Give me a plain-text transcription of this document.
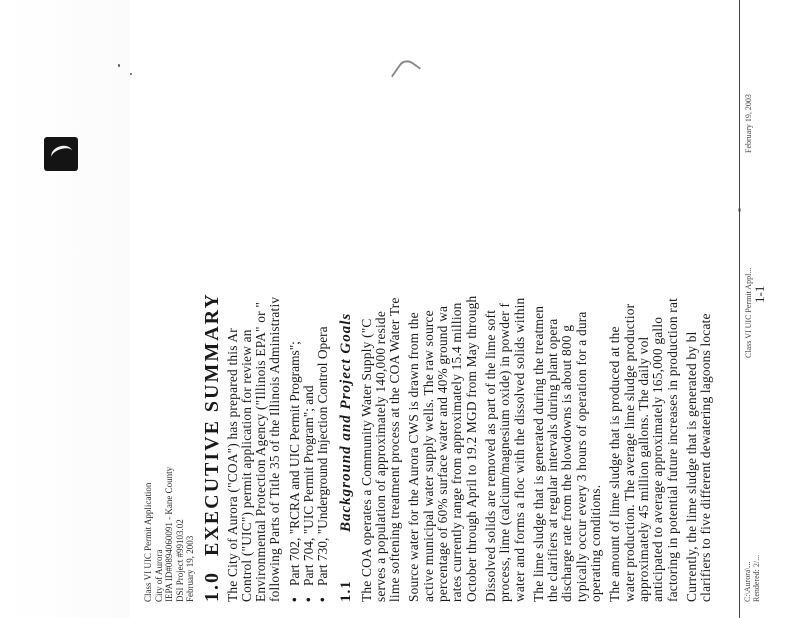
Class VI UIC Permit Application City of Aurora IEPA ID#0894060091 - Kane County DSI Project #99103.02 February 19, 2003 1.0EXECUTIVE SUMMARY The City of Aurora ("COA") has prepared this Ar
Control ("UIC") permit application for review an
Environmental Protection Agency ("Illinois EPA" or "
following Parts of Title 35 of the Illinois Administrativ •Part 702, "RCRA and UIC Permit Programs";
•Part 704, "UIC Permit Program"; and
•Part 730, "Underground Injection Control Opera
1.1Background and Project Goals The COA operates a Community Water Supply ("C
serves a population of approximately 140,000 reside
lime softening treatment process at the COA Water Tre Source water for the Aurora CWS is drawn from the
active municipal water supply wells. The raw source
percentage of 60% surface water and 40% ground wa
rates currently range from approximately 15.4 million
October through April to 19.2 MGD from May through Dissolved solids are removed as part of the lime soft
process, lime (calcium/magnesium oxide) in powder f
water and forms a floc with the dissolved solids within The lime sludge that is generated during the treatmen
the clarifiers at regular intervals during plant opera
discharge rate from the blowdowns is about 800 g
typically occur every 3 hours of operation for a dura
operating conditions. The amount of lime sludge that is produced at the
water production. The average lime sludge productior
approximately 45 million gallons. The daily vol
anticipated to average approximately 165,000 gallo
factoring in potential future increases in production rat Currently, the lime sludge that is generated by bl
clarifiers to five different dewatering lagoons locate	C:\Aurora\... Rendered: 2/...
Class VI UIC Permit Appl... 1-1
February 19, 2003
